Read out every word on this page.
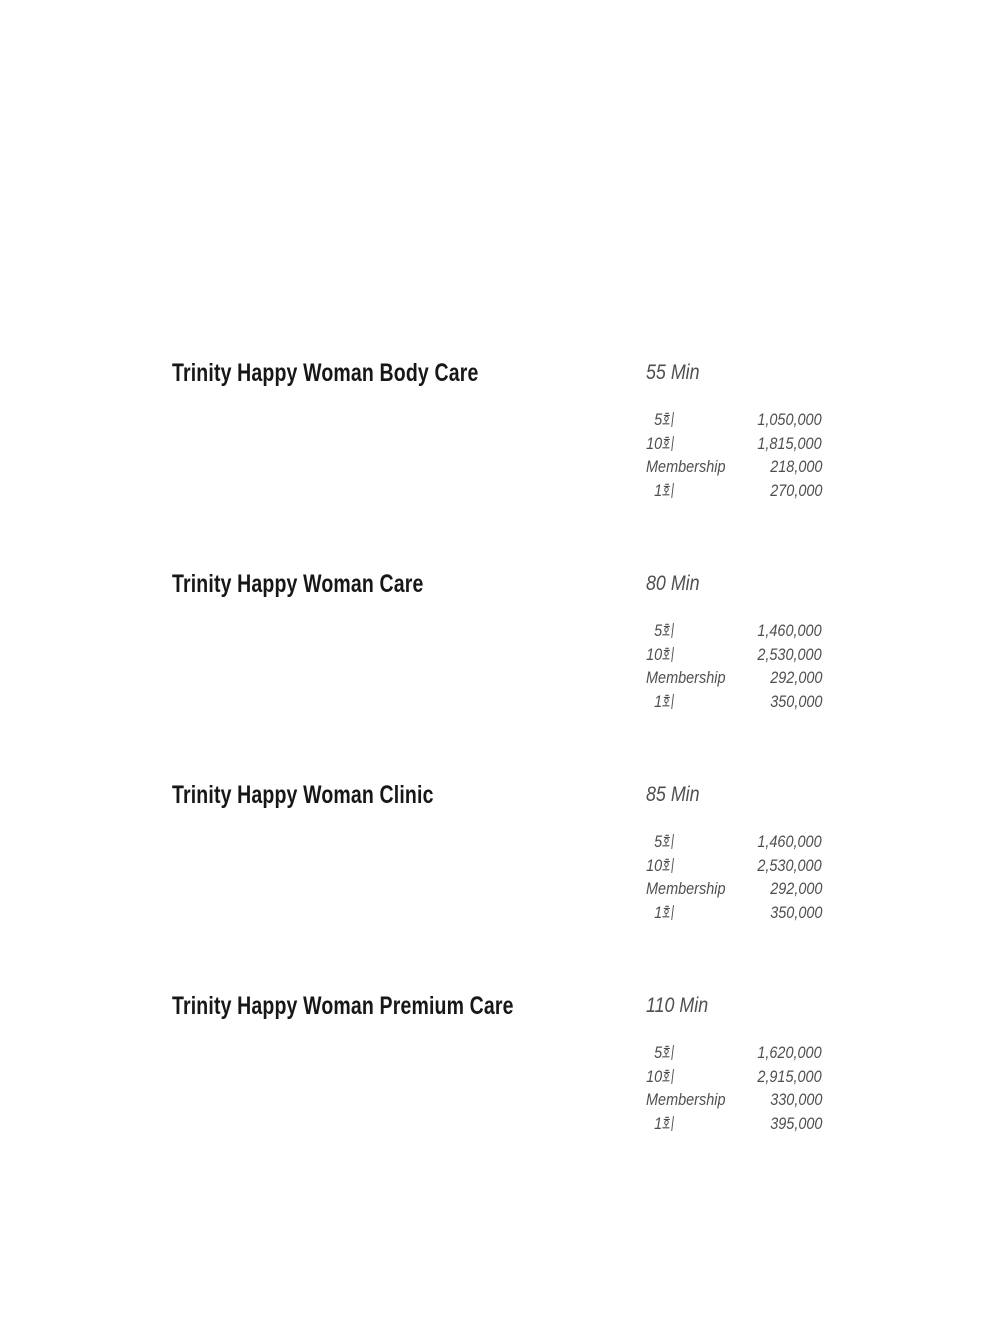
Trinity Happy Woman Body Care	55 Min
5	1,050,000
10	1,815,000
Membership	218,000
1	270,000
Trinity Happy Woman Care	80 Min
5	1,460,000
10	2,530,000
Membership	292,000
1	350,000
Trinity Happy Woman Clinic	85 Min
5	1,460,000
10	2,530,000
Membership	292,000
1	350,000
Trinity Happy Woman Premium Care	110 Min
5	1,620,000
10	2,915,000
Membership	330,000
1	395,000
